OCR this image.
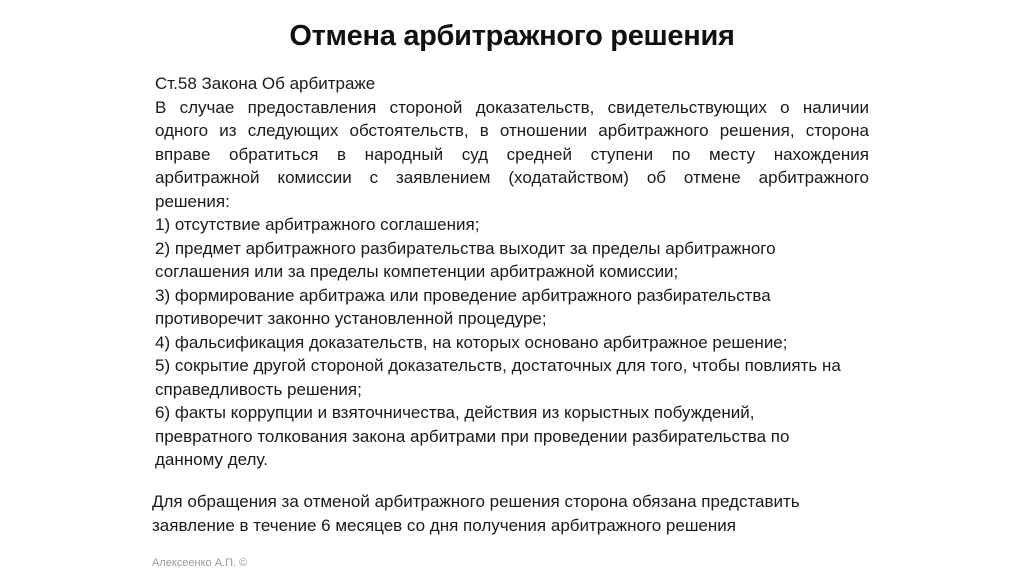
Отмена арбитражного решения
Ст.58 Закона Об арбитраже
В случае предоставления стороной доказательств, свидетельствующих о наличии
одного из следующих обстоятельств, в отношении арбитражного решения, сторона
вправе обратиться в народный суд средней ступени по месту нахождения
арбитражной комиссии с заявлением (ходатайством) об отмене арбитражного
решения:
1) отсутствие арбитражного соглашения;
2) предмет арбитражного разбирательства выходит за пределы арбитражного
соглашения или за пределы компетенции арбитражной комиссии;
3) формирование арбитража или проведение арбитражного разбирательства
противоречит законно установленной процедуре;
4) фальсификация доказательств, на которых основано арбитражное решение;
5) сокрытие другой стороной доказательств, достаточных для того, чтобы повлиять на
справедливость решения;
6) факты коррупции и взяточничества, действия из корыстных побуждений,
превратного толкования закона арбитрами при проведении разбирательства по
данному делу.
Для обращения за отменой арбитражного решения сторона обязана представить
заявление в течение 6 месяцев со дня получения арбитражного решения
Алексеенко А.П. ©
